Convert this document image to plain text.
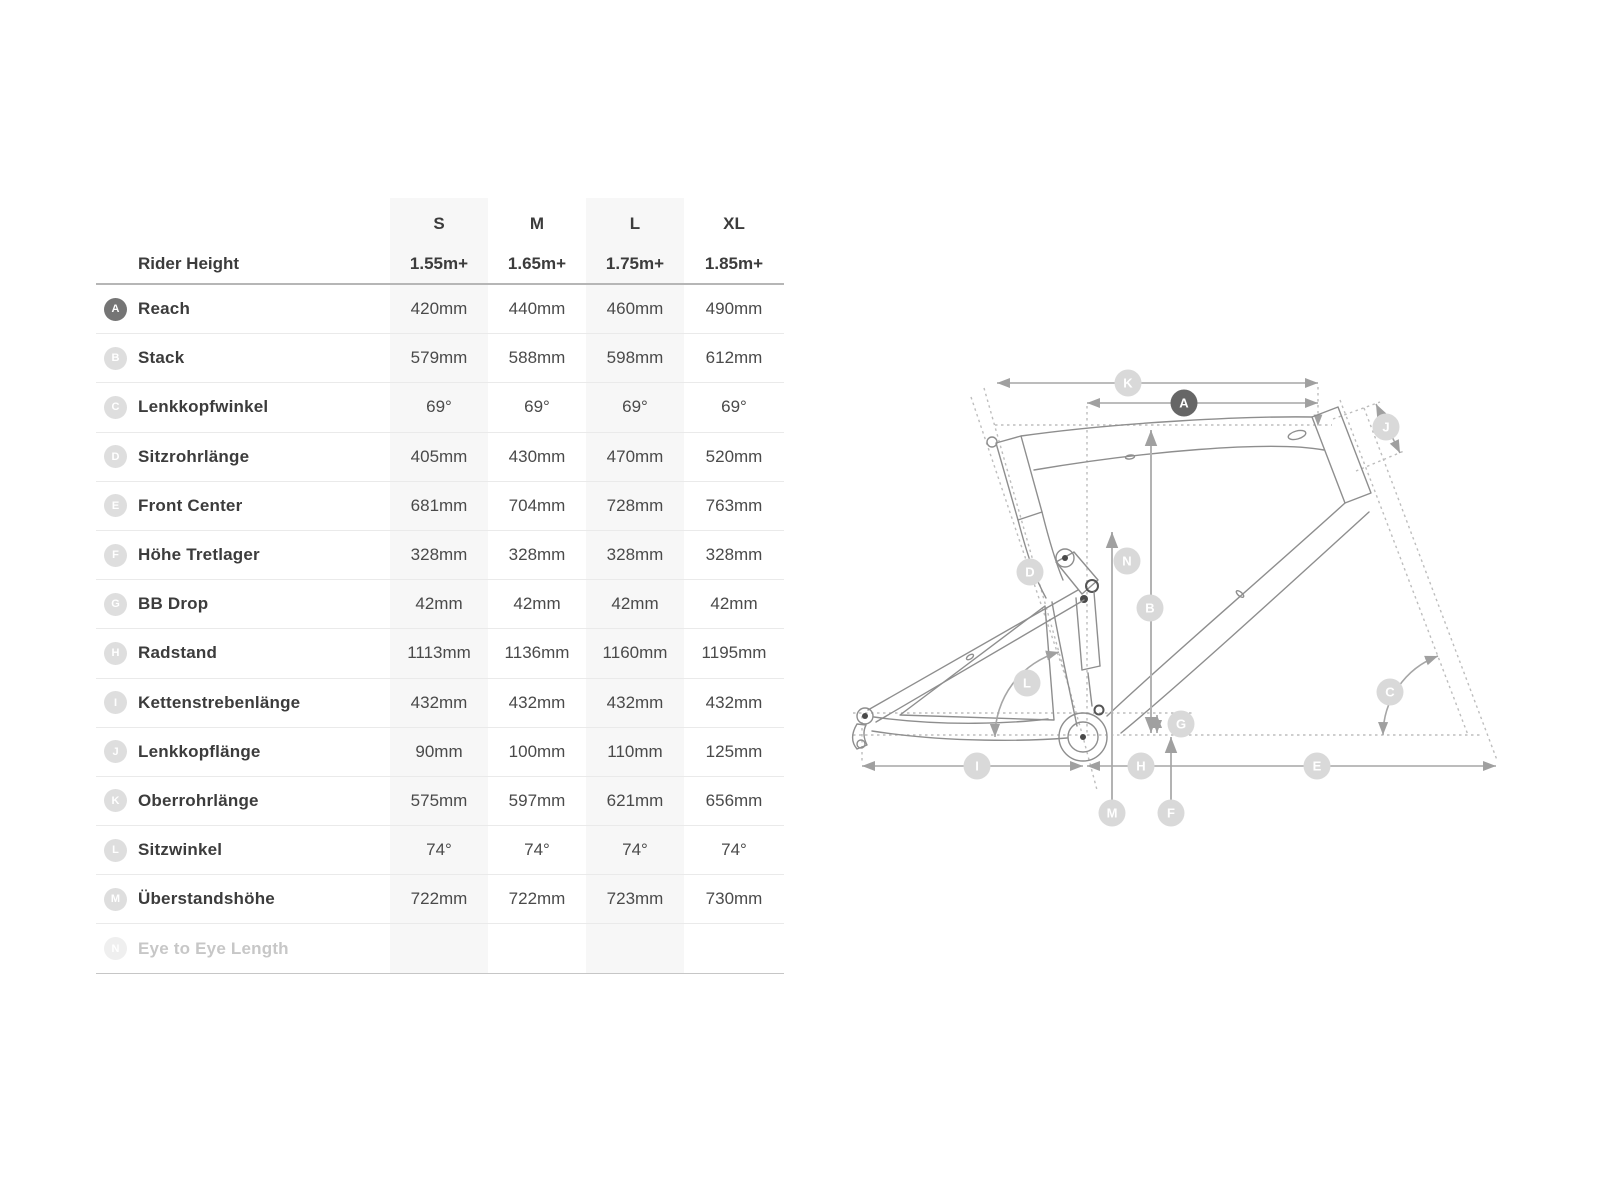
S	M	L	XL
Rider Height	1.55m+	1.65m+	1.75m+	1.85m+
A	Reach	420mm	440mm	460mm	490mm
B	Stack	579mm	588mm	598mm	612mm
C	Lenkkopfwinkel	69°	69°	69°	69°
D	Sitzrohrlänge	405mm	430mm	470mm	520mm
E	Front Center	681mm	704mm	728mm	763mm
F	Höhe Tretlager	328mm	328mm	328mm	328mm
G	BB Drop	42mm	42mm	42mm	42mm
H	Radstand	1113mm	1136mm	1160mm	1195mm
I	Kettenstrebenlänge	432mm	432mm	432mm	432mm
J	Lenkkopflänge	90mm	100mm	110mm	125mm
K	Oberrohrlänge	575mm	597mm	621mm	656mm
L	Sitzwinkel	74°	74°	74°	74°
M	Überstandshöhe	722mm	722mm	723mm	730mm
N	Eye to Eye Length
K
A
J
D
N
B
L
C
G
I	H	E
M	F
